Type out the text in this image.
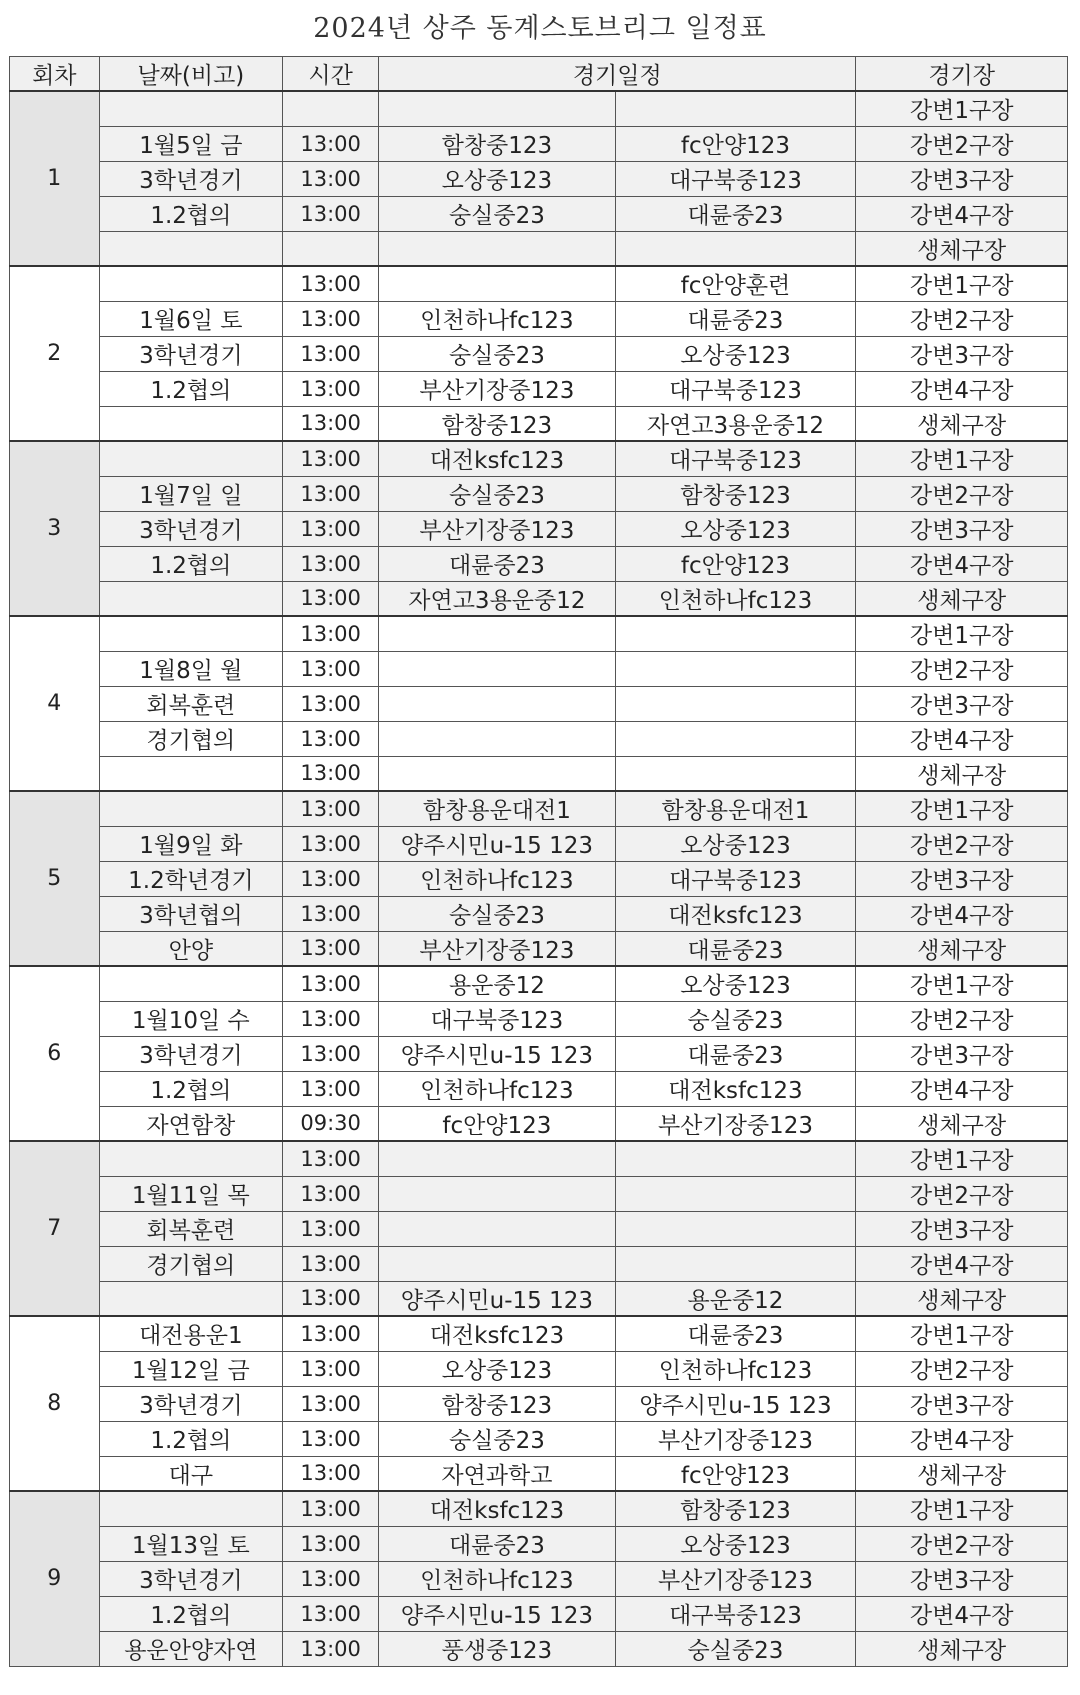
2024년 상주 동계스토브리그 일정표
회차	날짜(비고)	시간	경기일정		경기장
1					강변1구장
	1월5일 금	13:00	함창중123	fc안양123	강변2구장
	3학년경기	13:00	오상중123	대구북중123	강변3구장
	1.2협의	13:00	숭실중23	대륜중23	강변4구장
					생체구장
2		13:00		fc안양훈련	강변1구장
	1월6일 토	13:00	인천하나fc123	대륜중23	강변2구장
	3학년경기	13:00	숭실중23	오상중123	강변3구장
	1.2협의	13:00	부산기장중123	대구북중123	강변4구장
		13:00	함창중123	자연고3용운중12	생체구장
3		13:00	대전ksfc123	대구북중123	강변1구장
	1월7일 일	13:00	숭실중23	함창중123	강변2구장
	3학년경기	13:00	부산기장중123	오상중123	강변3구장
	1.2협의	13:00	대륜중23	fc안양123	강변4구장
		13:00	자연고3용운중12	인천하나fc123	생체구장
4		13:00			강변1구장
	1월8일 월	13:00			강변2구장
	회복훈련	13:00			강변3구장
	경기협의	13:00			강변4구장
		13:00			생체구장
5		13:00	함창용운대전1	함창용운대전1	강변1구장
	1월9일 화	13:00	양주시민u-15 123	오상중123	강변2구장
	1.2학년경기	13:00	인천하나fc123	대구북중123	강변3구장
	3학년협의	13:00	숭실중23	대전ksfc123	강변4구장
	안양	13:00	부산기장중123	대륜중23	생체구장
6		13:00	용운중12	오상중123	강변1구장
	1월10일 수	13:00	대구북중123	숭실중23	강변2구장
	3학년경기	13:00	양주시민u-15 123	대륜중23	강변3구장
	1.2협의	13:00	인천하나fc123	대전ksfc123	강변4구장
	자연함창	09:30	fc안양123	부산기장중123	생체구장
7		13:00			강변1구장
	1월11일 목	13:00			강변2구장
	회복훈련	13:00			강변3구장
	경기협의	13:00			강변4구장
		13:00	양주시민u-15 123	용운중12	생체구장
8	대전용운1	13:00	대전ksfc123	대륜중23	강변1구장
	1월12일 금	13:00	오상중123	인천하나fc123	강변2구장
	3학년경기	13:00	함창중123	양주시민u-15 123	강변3구장
	1.2협의	13:00	숭실중23	부산기장중123	강변4구장
	대구	13:00	자연과학고	fc안양123	생체구장
9		13:00	대전ksfc123	함창중123	강변1구장
	1월13일 토	13:00	대륜중23	오상중123	강변2구장
	3학년경기	13:00	인천하나fc123	부산기장중123	강변3구장
	1.2협의	13:00	양주시민u-15 123	대구북중123	강변4구장
	용운안양자연	13:00	풍생중123	숭실중23	생체구장
